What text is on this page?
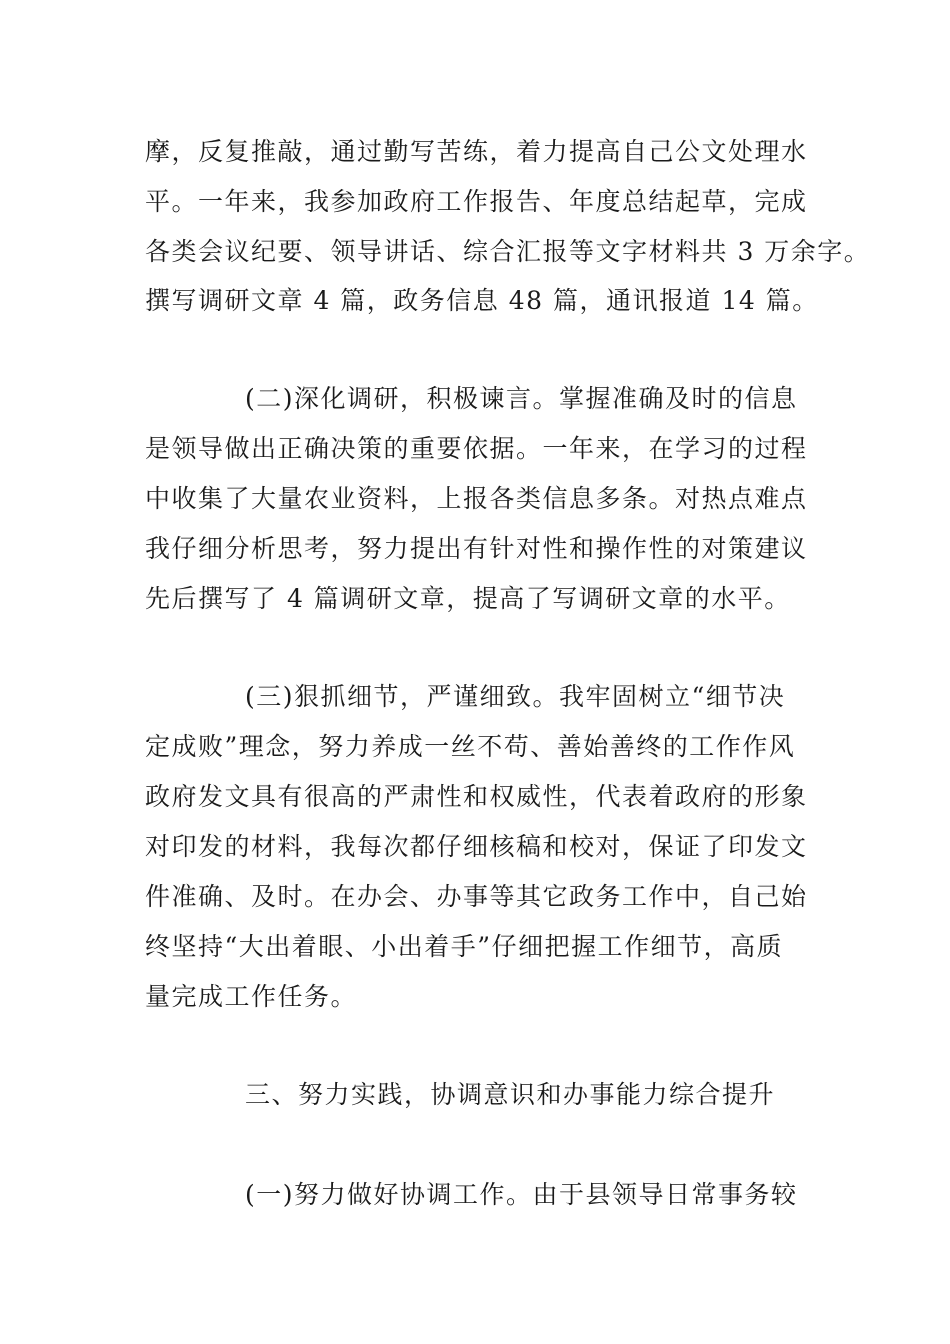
摩，反复推敲，通过勤写苦练，着力提高自己公文处理水
平。一年来，我参加政府工作报告、年度总结起草，完成
各类会议纪要、领导讲话、综合汇报等文字材料共 3 万余字。
撰写调研文章 4 篇，政务信息 48 篇，通讯报道 14 篇。
(二)深化调研，积极谏言。掌握准确及时的信息
是领导做出正确决策的重要依据。一年来，在学习的过程
中收集了大量农业资料，上报各类信息多条。对热点难点
我仔细分析思考，努力提出有针对性和操作性的对策建议
先后撰写了 4 篇调研文章，提高了写调研文章的水平。
(三)狠抓细节，严谨细致。我牢固树立“细节决
定成败”理念，努力养成一丝不苟、善始善终的工作作风
政府发文具有很高的严肃性和权威性，代表着政府的形象
对印发的材料，我每次都仔细核稿和校对，保证了印发文
件准确、及时。在办会、办事等其它政务工作中，自己始
终坚持“大出着眼、小出着手”仔细把握工作细节，高质
量完成工作任务。
三、努力实践，协调意识和办事能力综合提升
(一)努力做好协调工作。由于县领导日常事务较
